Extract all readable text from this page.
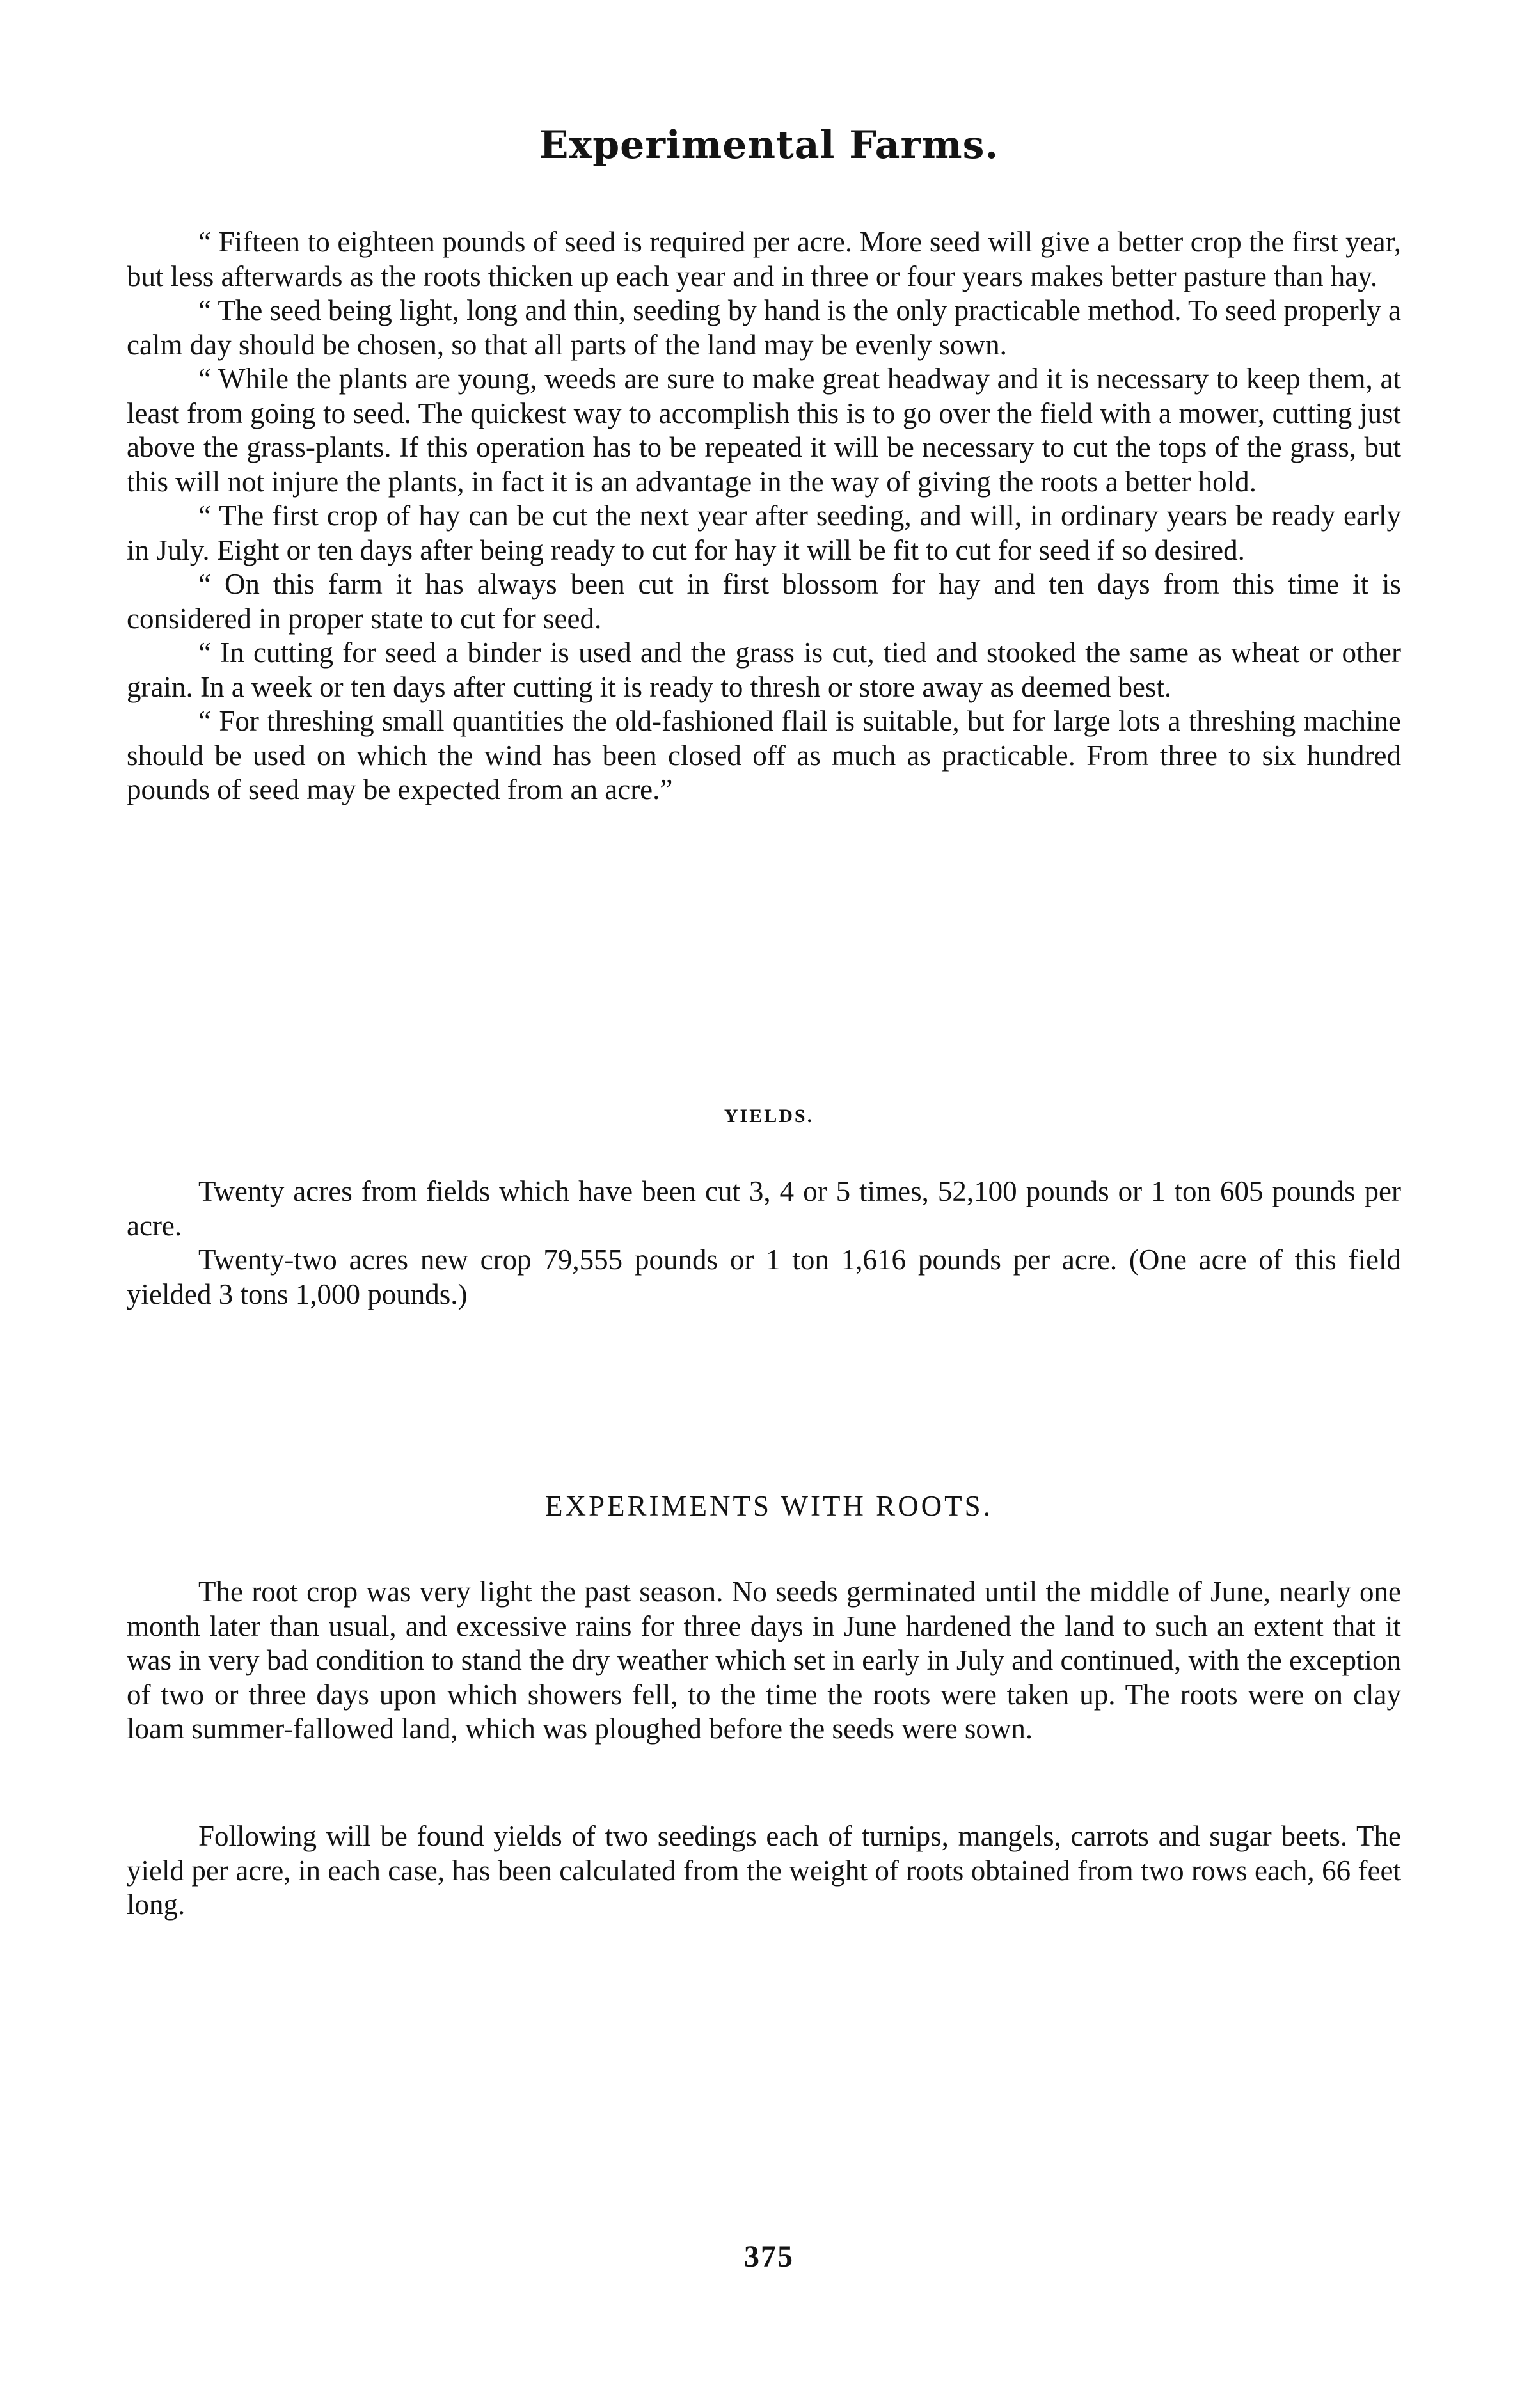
Experimental Farms.

“ Fifteen to eighteen pounds of seed is required per acre. More seed will give a better crop the first year, but less afterwards as the roots thicken up each year and in three or four years makes better pasture than hay.

“ The seed being light, long and thin, seeding by hand is the only practicable method. To seed properly a calm day should be chosen, so that all parts of the land may be evenly sown.

“ While the plants are young, weeds are sure to make great headway and it is necessary to keep them, at least from going to seed. The quickest way to accomplish this is to go over the field with a mower, cutting just above the grass-plants. If this operation has to be repeated it will be necessary to cut the tops of the grass, but this will not injure the plants, in fact it is an advantage in the way of giving the roots a better hold.

“ The first crop of hay can be cut the next year after seeding, and will, in ordinary years be ready early in July. Eight or ten days after being ready to cut for hay it will be fit to cut for seed if so desired.

“ On this farm it has always been cut in first blossom for hay and ten days from this time it is considered in proper state to cut for seed.

“ In cutting for seed a binder is used and the grass is cut, tied and stooked the same as wheat or other grain. In a week or ten days after cutting it is ready to thresh or store away as deemed best.

“ For threshing small quantities the old-fashioned flail is suitable, but for large lots a threshing machine should be used on which the wind has been closed off as much as practicable. From three to six hundred pounds of seed may be expected from an acre.”

YIELDS.

Twenty acres from fields which have been cut 3, 4 or 5 times, 52,100 pounds or 1 ton 605 pounds per acre.

Twenty-two acres new crop 79,555 pounds or 1 ton 1,616 pounds per acre. (One acre of this field yielded 3 tons 1,000 pounds.)

EXPERIMENTS WITH ROOTS.

The root crop was very light the past season. No seeds germinated until the middle of June, nearly one month later than usual, and excessive rains for three days in June hardened the land to such an extent that it was in very bad condition to stand the dry weather which set in early in July and continued, with the exception of two or three days upon which showers fell, to the time the roots were taken up. The roots were on clay loam summer-fallowed land, which was ploughed before the seeds were sown.

Following will be found yields of two seedings each of turnips, mangels, carrots and sugar beets. The yield per acre, in each case, has been calculated from the weight of roots obtained from two rows each, 66 feet long.

375
